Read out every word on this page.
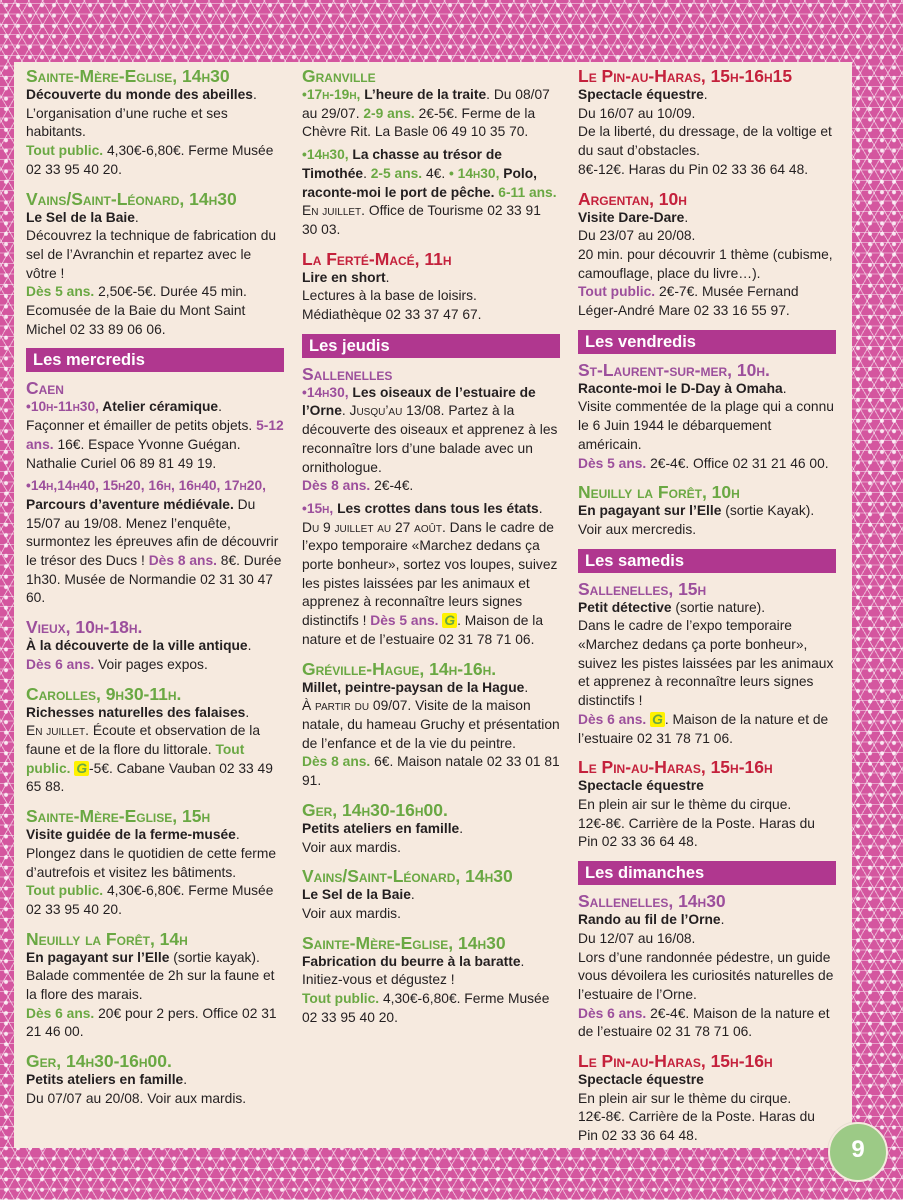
Sainte-Mère-Eglise, 14h30
Découverte du monde des abeilles.
L’organisation d’une ruche et ses habitants.
Tout public. 4,30€-6,80€. Ferme Musée 02 33 95 40 20.
Vains/Saint-Léonard, 14h30
Le Sel de la Baie.
Découvrez la technique de fabrication du sel de l’Avranchin et repartez avec le vôtre !
Dès 5 ans. 2,50€-5€. Durée 45 min. Ecomusée de la Baie du Mont Saint Michel 02 33 89 06 06.
Les mercredis
Caen
•10h-11h30, Atelier céramique.
Façonner et émailler de petits objets. 5-12 ans. 16€. Espace Yvonne Guégan. Nathalie Curiel 06 89 81 49 19.
•14h,14h40, 15h20, 16h, 16h40, 17h20, Parcours d’aventure médiévale. Du 15/07 au 19/08. Menez l’enquête, surmontez les épreuves afin de découvrir le trésor des Ducs ! Dès 8 ans. 8€. Durée 1h30. Musée de Normandie 02 31 30 47 60.
Vieux, 10h-18h.
À la découverte de la ville antique.
Dès 6 ans. Voir pages expos.
Carolles, 9h30-11h.
Richesses naturelles des falaises.
En juillet. Écoute et observation de la faune et de la flore du littorale. Tout public. G -5€. Cabane Vauban 02 33 49 65 88.
Sainte-Mère-Eglise, 15h
Visite guidée de la ferme-musée.
Plongez dans le quotidien de cette ferme d’autrefois et visitez les bâtiments.
Tout public. 4,30€-6,80€. Ferme Musée 02 33 95 40 20.
Neuilly la Forêt, 14h
En pagayant sur l’Elle (sortie kayak).
Balade commentée de 2h sur la faune et la flore des marais.
Dès 6 ans. 20€ pour 2 pers. Office 02 31 21 46 00.
Ger, 14h30-16h00.
Petits ateliers en famille.
Du 07/07 au 20/08. Voir aux mardis.
Granville
•17h-19h, L’heure de la traite. Du 08/07 au 29/07. 2-9 ans. 2€-5€. Ferme de la Chèvre Rit. La Basle 06 49 10 35 70.
•14h30, La chasse au trésor de Timothée. 2-5 ans. 4€. • 14h30, Polo, raconte-moi le port de pêche. 6-11 ans. En juillet. Office de Tourisme 02 33 91 30 03.
La Ferté-Macé, 11h
Lire en short.
Lectures à la base de loisirs. Médiathèque 02 33 37 47 67.
Les jeudis
Sallenelles
•14h30, Les oiseaux de l’estuaire de l’Orne. Jusqu’au 13/08. Partez à la découverte des oiseaux et apprenez à les reconnaître lors d’une balade avec un ornithologue.
Dès 8 ans. 2€-4€.
•15h, Les crottes dans tous les états. Du 9 juillet au 27 août. Dans le cadre de l’expo temporaire «Marchez dedans ça porte bonheur», sortez vos loupes, suivez les pistes laissées par les animaux et apprenez à reconnaître leurs signes distinctifs ! Dès 5 ans. G . Maison de la nature et de l’estuaire 02 31 78 71 06.
Gréville-Hague, 14h-16h.
Millet, peintre-paysan de la Hague.
À partir du 09/07. Visite de la maison natale, du hameau Gruchy et présentation de l’enfance et de la vie du peintre.
Dès 8 ans. 6€. Maison natale 02 33 01 81 91.
Ger, 14h30-16h00.
Petits ateliers en famille.
Voir aux mardis.
Vains/Saint-Léonard, 14h30
Le Sel de la Baie.
Voir aux mardis.
Sainte-Mère-Eglise, 14h30
Fabrication du beurre à la baratte.
Initiez-vous et dégustez !
Tout public. 4,30€-6,80€. Ferme Musée 02 33 95 40 20.
Le Pin-au-Haras, 15h-16h15
Spectacle équestre.
Du 16/07 au 10/09.
De la liberté, du dressage, de la voltige et du saut d’obstacles.
8€-12€. Haras du Pin 02 33 36 64 48.
Argentan, 10h
Visite Dare-Dare.
Du 23/07 au 20/08.
20 min. pour découvrir 1 thème (cubisme, camouflage, place du livre…).
Tout public. 2€-7€. Musée Fernand Léger-André Mare 02 33 16 55 97.
Les vendredis
St-Laurent-sur-mer, 10h.
Raconte-moi le D-Day à Omaha.
Visite commentée de la plage qui a connu le 6 Juin 1944 le débarquement américain.
Dès 5 ans. 2€-4€. Office 02 31 21 46 00.
Neuilly la Forêt, 10h
En pagayant sur l’Elle (sortie Kayak).
Voir aux mercredis.
Les samedis
Sallenelles, 15h
Petit détective (sortie nature).
Dans le cadre de l’expo temporaire «Marchez dedans ça porte bonheur», suivez les pistes laissées par les animaux et apprenez à reconnaître leurs signes distinctifs !
Dès 6 ans. G . Maison de la nature et de l’estuaire 02 31 78 71 06.
Le Pin-au-Haras, 15h-16h
Spectacle équestre
En plein air sur le thème du cirque. 12€-8€. Carrière de la Poste. Haras du Pin 02 33 36 64 48.
Les dimanches
Sallenelles, 14h30
Rando au fil de l’Orne.
Du 12/07 au 16/08.
Lors d’une randonnée pédestre, un guide vous dévoilera les curiosités naturelles de l’estuaire de l’Orne.
Dès 6 ans. 2€-4€. Maison de la nature et de l’estuaire 02 31 78 71 06.
Le Pin-au-Haras, 15h-16h
Spectacle équestre
En plein air sur le thème du cirque. 12€-8€. Carrière de la Poste. Haras du Pin 02 33 36 64 48.
9
